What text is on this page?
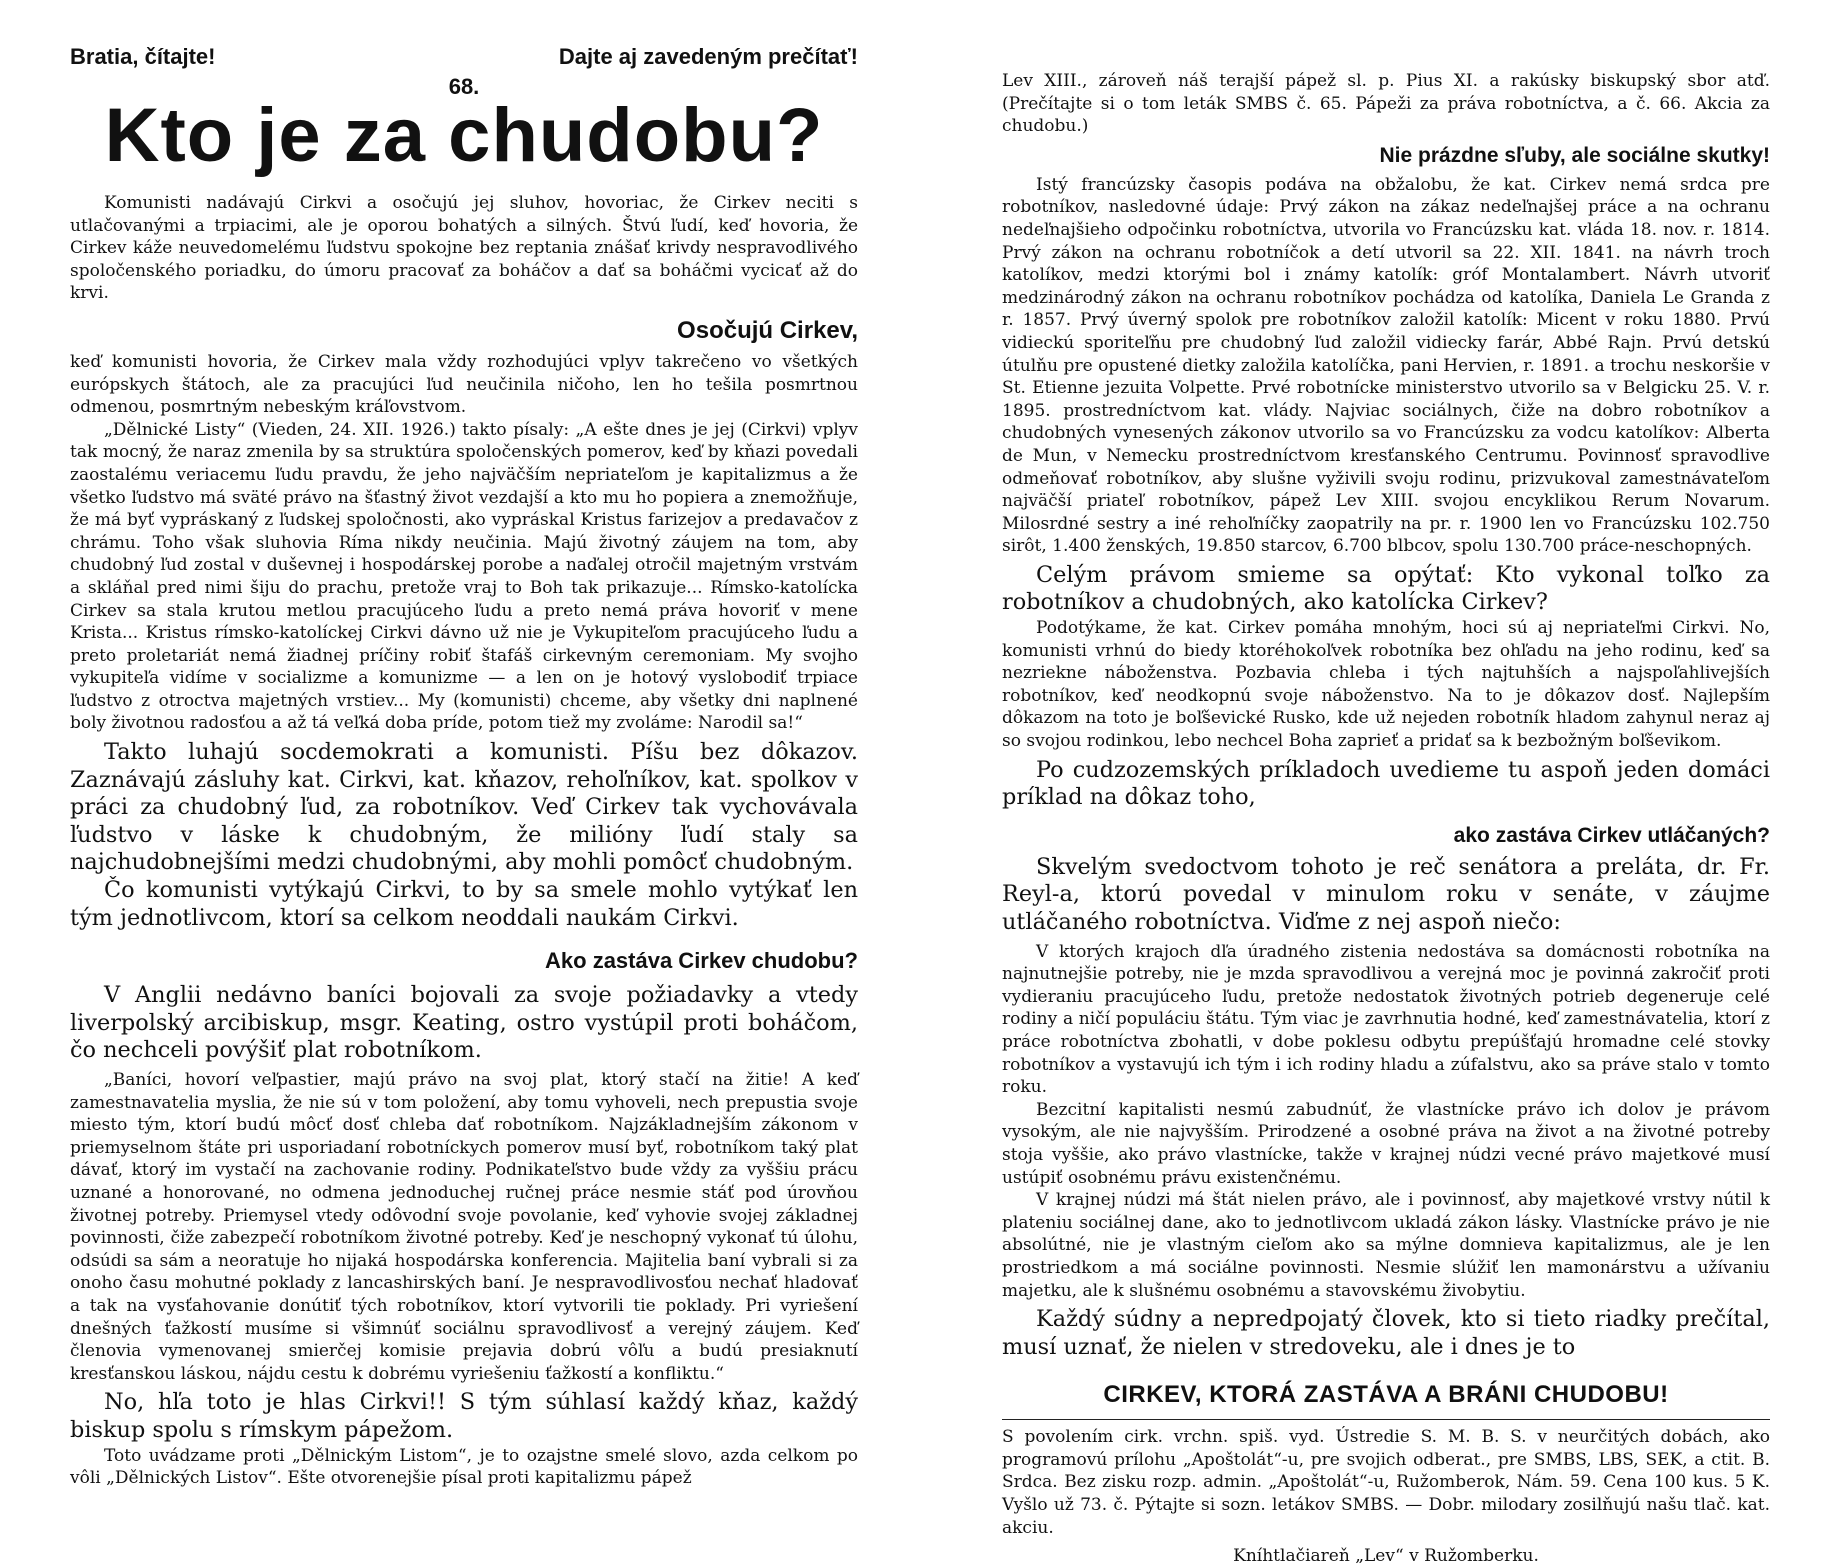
Bratia, čítajte!	Dajte aj zavedeným prečítať!
68.
Kto je za chudobu?

Komunisti nadávajú Cirkvi a osočujú jej sluhov, hovoriac, že Cirkev neciti s utlačovanými a trpiacimi, ale je oporou bohatých a silných. Štvú ľudí, keď hovoria, že Cirkev káže neuvedomelému ľudstvu spokojne bez reptania znášať krivdy nespravodlivého spoločenského poriadku, do úmoru pracovať za boháčov a dať sa boháčmi vycicať až do krvi.

Osočujú Cirkev,

keď komunisti hovoria, že Cirkev mala vždy rozhodujúci vplyv takrečeno vo všetkých európskych štátoch, ale za pracujúci ľud neučinila ničoho, len ho tešila posmrtnou odmenou, posmrtným nebeským kráľovstvom.

„Dělnické Listy“ (Vieden, 24. XII. 1926.) takto písaly: „A ešte dnes je jej (Cirkvi) vplyv tak mocný, že naraz zmenila by sa struktúra spoločenských pomerov, keď by kňazi povedali zaostalému veriacemu ľudu pravdu, že jeho najväčším nepriateľom je kapitalizmus a že všetko ľudstvo má sväté právo na šťastný život vezdajší a kto mu ho popiera a znemožňuje, že má byť vypráskaný z ľudskej spoločnosti, ako vypráskal Kristus farizejov a predavačov z chrámu. Toho však sluhovia Ríma nikdy neučinia. Majú životný záujem na tom, aby chudobný ľud zostal v duševnej i hospodárskej porobe a naďalej otročil majetným vrstvám a skláňal pred nimi šiju do prachu, pretože vraj to Boh tak prikazuje... Rímsko-katolícka Cirkev sa stala krutou metlou pracujúceho ľudu a preto nemá práva hovoriť v mene Krista... Kristus rímsko-katolíckej Cirkvi dávno už nie je Vykupiteľom pracujúceho ľudu a preto proletariát nemá žiadnej príčiny robiť štafáš cirkevným ceremoniam. My svojho vykupiteľa vidíme v socializme a komunizme — a len on je hotový vyslobodiť trpiace ľudstvo z otroctva majetných vrstiev... My (komunisti) chceme, aby všetky dni naplnené boly životnou radosťou a až tá veľká doba príde, potom tiež my zvoláme: Narodil sa!“

Takto luhajú socdemokrati a komunisti. Píšu bez dôkazov. Zaznávajú zásluhy kat. Cirkvi, kat. kňazov, rehoľníkov, kat. spolkov v práci za chudobný ľud, za robotníkov. Veď Cirkev tak vychovávala ľudstvo v láske k chudobným, že milióny ľudí staly sa najchudobnejšími medzi chudobnými, aby mohli pomôcť chudobným.

Čo komunisti vytýkajú Cirkvi, to by sa smele mohlo vytýkať len tým jednotlivcom, ktorí sa celkom neoddali naukám Cirkvi.

Ako zastáva Cirkev chudobu?

V Anglii nedávno baníci bojovali za svoje požiadavky a vtedy liverpolský arcibiskup, msgr. Keating, ostro vystúpil proti boháčom, čo nechceli povýšiť plat robotníkom.

„Baníci, hovorí veľpastier, majú právo na svoj plat, ktorý stačí na žitie! A keď zamestnavatelia myslia, že nie sú v tom položení, aby tomu vyhoveli, nech prepustia svoje miesto tým, ktorí budú môcť dosť chleba dať robotníkom. Najzákladnejším zákonom v priemyselnom štáte pri usporiadaní robotníckych pomerov musí byť, robotníkom taký plat dávať, ktorý im vystačí na zachovanie rodiny. Podnikateľstvo bude vždy za vyššiu prácu uznané a honorované, no odmena jednoduchej ručnej práce nesmie stáť pod úrovňou životnej potreby. Priemysel vtedy odôvodní svoje povolanie, keď vyhovie svojej základnej povinnosti, čiže zabezpečí robotníkom životné potreby. Keď je neschopný vykonať tú úlohu, odsúdi sa sám a neoratuje ho nijaká hospodárska konferencia. Majitelia baní vybrali si za onoho času mohutné poklady z lancashirských baní. Je nespravodlivosťou nechať hladovať a tak na vysťahovanie donútiť tých robotníkov, ktorí vytvorili tie poklady. Pri vyriešení dnešných ťažkostí musíme si všimnúť sociálnu spravodlivosť a verejný záujem. Keď členovia vymenovanej smierčej komisie prejavia dobrú vôľu a budú presiaknutí kresťanskou láskou, nájdu cestu k dobrému vyriešeniu ťažkostí a konfliktu.“

No, hľa toto je hlas Cirkvi!! S tým súhlasí každý kňaz, každý biskup spolu s rímskym pápežom.

Toto uvádzame proti „Dělnickým Listom“, je to ozajstne smelé slovo, azda celkom po vôli „Dělnických Listov“. Ešte otvorenejšie písal proti kapitalizmu pápež

Lev XIII., zároveň náš terajší pápež sl. p. Pius XI. a rakúsky biskupský sbor atď. (Prečítajte si o tom leták SMBS č. 65. Pápeži za práva robotníctva, a č. 66. Akcia za chudobu.)

Nie prázdne sľuby, ale sociálne skutky!

Istý francúzsky časopis podáva na obžalobu, že kat. Cirkev nemá srdca pre robotníkov, nasledovné údaje: Prvý zákon na zákaz nedeľnajšej práce a na ochranu nedeľnajšieho odpočinku robotníctva, utvorila vo Francúzsku kat. vláda 18. nov. r. 1814. Prvý zákon na ochranu robotníčok a detí utvoril sa 22. XII. 1841. na návrh troch katolíkov, medzi ktorými bol i známy katolík: gróf Montalambert. Návrh utvoriť medzinárodný zákon na ochranu robotníkov pochádza od katolíka, Daniela Le Granda z r. 1857. Prvý úverný spolok pre robotníkov založil katolík: Micent v roku 1880. Prvú vidieckú sporiteľňu pre chudobný ľud založil vidiecky farár, Abbé Rajn. Prvú detskú útulňu pre opustené dietky založila katolíčka, pani Hervien, r. 1891. a trochu neskoršie v St. Etienne jezuita Volpette. Prvé robotnícke ministerstvo utvorilo sa v Belgicku 25. V. r. 1895. prostredníctvom kat. vlády. Najviac sociálnych, čiže na dobro robotníkov a chudobných vynesených zákonov utvorilo sa vo Francúzsku za vodcu katolíkov: Alberta de Mun, v Nemecku prostredníctvom kresťanského Centrumu. Povinnosť spravodlive odmeňovať robotníkov, aby slušne vyživili svoju rodinu, prizvukoval zamestnávateľom najväčší priateľ robotníkov, pápež Lev XIII. svojou encyklikou Rerum Novarum. Milosrdné sestry a iné rehoľníčky zaopatrily na pr. r. 1900 len vo Francúzsku 102.750 sirôt, 1.400 ženských, 19.850 starcov, 6.700 blbcov, spolu 130.700 práce-neschopných.

Celým právom smieme sa opýtať: Kto vykonal toľko za robotníkov a chudobných, ako katolícka Cirkev?

Podotýkame, že kat. Cirkev pomáha mnohým, hoci sú aj nepriateľmi Cirkvi. No, komunisti vrhnú do biedy ktoréhokoľvek robotníka bez ohľadu na jeho rodinu, keď sa nezriekne náboženstva. Pozbavia chleba i tých najtuhších a najspoľahlivejších robotníkov, keď neodkopnú svoje náboženstvo. Na to je dôkazov dosť. Najlepším dôkazom na toto je boľševické Rusko, kde už nejeden robotník hladom zahynul neraz aj so svojou rodinkou, lebo nechcel Boha zaprieť a pridať sa k bezbožným boľševikom.

Po cudzozemských príkladoch uvedieme tu aspoň jeden domáci príklad na dôkaz toho,

ako zastáva Cirkev utláčaných?

Skvelým svedoctvom tohoto je reč senátora a preláta, dr. Fr. Reyl-a, ktorú povedal v minulom roku v senáte, v záujme utláčaného robotníctva. Viďme z nej aspoň niečo:

V ktorých krajoch dľa úradného zistenia nedostáva sa domácnosti robotníka na najnutnejšie potreby, nie je mzda spravodlivou a verejná moc je povinná zakročiť proti vydieraniu pracujúceho ľudu, pretože nedostatok životných potrieb degeneruje celé rodiny a ničí populáciu štátu. Tým viac je zavrhnutia hodné, keď zamestnávatelia, ktorí z práce robotníctva zbohatli, v dobe poklesu odbytu prepúšťajú hromadne celé stovky robotníkov a vystavujú ich tým i ich rodiny hladu a zúfalstvu, ako sa práve stalo v tomto roku.

Bezcitní kapitalisti nesmú zabudnúť, že vlastnícke právo ich dolov je právom vysokým, ale nie najvyšším. Prirodzené a osobné práva na život a na životné potreby stoja vyššie, ako právo vlastnícke, takže v krajnej núdzi vecné právo majetkové musí ustúpiť osobnému právu existenčnému.

V krajnej núdzi má štát nielen právo, ale i povinnosť, aby majetkové vrstvy nútil k plateniu sociálnej dane, ako to jednotlivcom ukladá zákon lásky. Vlastnícke právo je nie absolútné, nie je vlastným cieľom ako sa mýlne domnieva kapitalizmus, ale je len prostriedkom a má sociálne povinnosti. Nesmie slúžiť len mamonárstvu a užívaniu majetku, ale k slušnému osobnému a stavovskému živobytiu.

Každý súdny a nepredpojatý človek, kto si tieto riadky prečítal, musí uznať, že nielen v stredoveku, ale i dnes je to

CIRKEV, KTORÁ ZASTÁVA A BRÁNI CHUDOBU!

S povolením cirk. vrchn. spiš. vyd. Ústredie S. M. B. S. v neurčitých dobách, ako programovú prílohu „Apoštolát“-u, pre svojich odberat., pre SMBS, LBS, SEK, a ctit. B. Srdca. Bez zisku rozp. admin. „Apoštolát“-u, Ružomberok, Nám. 59. Cena 100 kus. 5 K. Vyšlo už 73. č. Pýtajte si sozn. letákov SMBS. — Dobr. milodary zosilňujú našu tlač. kat. akciu.

Kníhtlačiareň „Lev“ v Ružomberku.
